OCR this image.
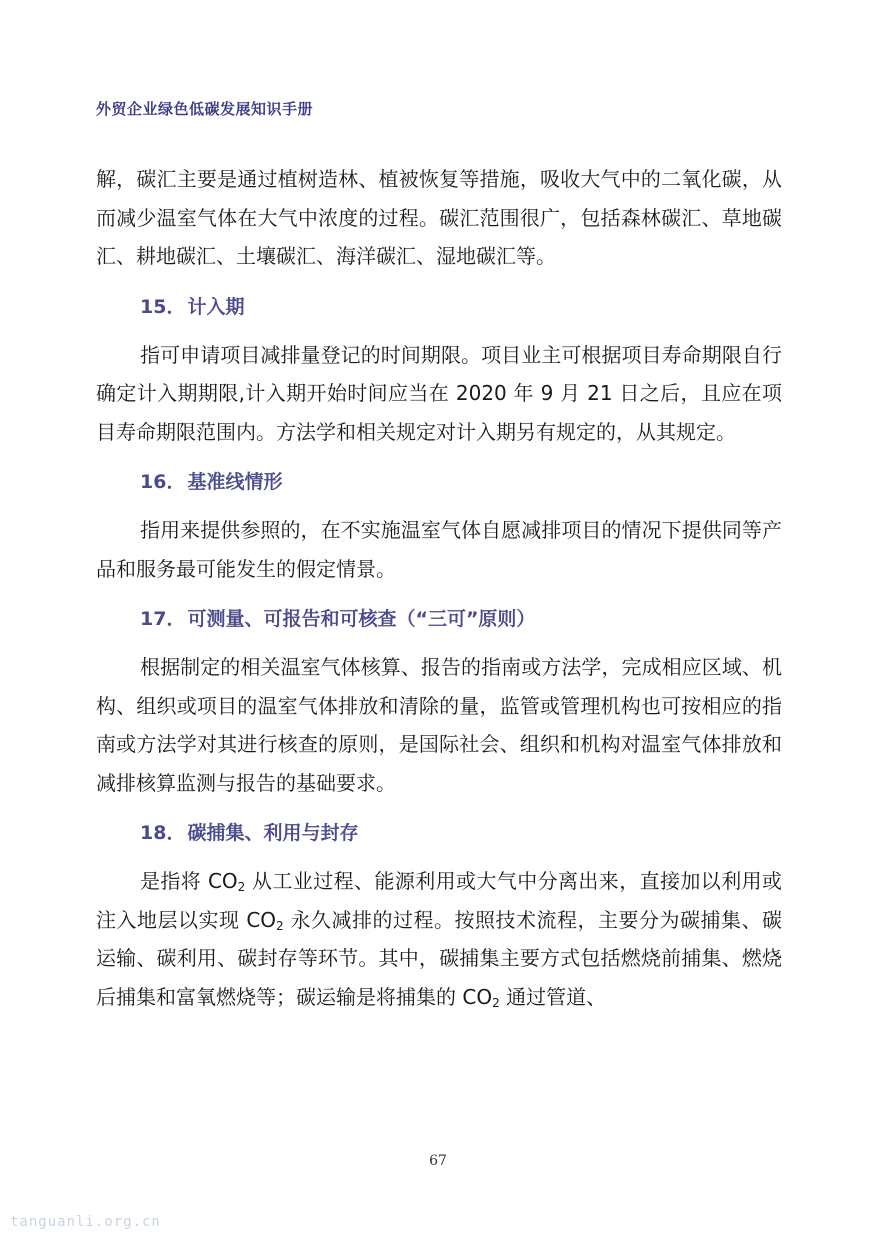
外贸企业绿色低碳发展知识手册

解，碳汇主要是通过植树造林、植被恢复等措施，吸收大气中的二氧化碳，从而减少温室气体在大气中浓度的过程。碳汇范围很广，包括森林碳汇、草地碳汇、耕地碳汇、土壤碳汇、海洋碳汇、湿地碳汇等。

15． 计入期

指可申请项目减排量登记的时间期限。项目业主可根据项目寿命期限自行确定计入期期限,计入期开始时间应当在 2020 年 9 月 21 日之后，且应在项目寿命期限范围内。方法学和相关规定对计入期另有规定的，从其规定。

16． 基准线情形

指用来提供参照的，在不实施温室气体自愿减排项目的情况下提供同等产品和服务最可能发生的假定情景。

17． 可测量、可报告和可核查（“三可”原则）

根据制定的相关温室气体核算、报告的指南或方法学，完成相应区域、机构、组织或项目的温室气体排放和清除的量，监管或管理机构也可按相应的指南或方法学对其进行核查的原则，是国际社会、组织和机构对温室气体排放和减排核算监测与报告的基础要求。

18． 碳捕集、利用与封存

是指将 $CO_2$ 从工业过程、能源利用或大气中分离出来，直接加以利用或注入地层以实现 $CO_2$ 永久减排的过程。按照技术流程，主要分为碳捕集、碳运输、碳利用、碳封存等环节。其中，碳捕集主要方式包括燃烧前捕集、燃烧后捕集和富氧燃烧等；碳运输是将捕集的 $CO_2$ 通过管道、

67
tanguanli.org.cn
